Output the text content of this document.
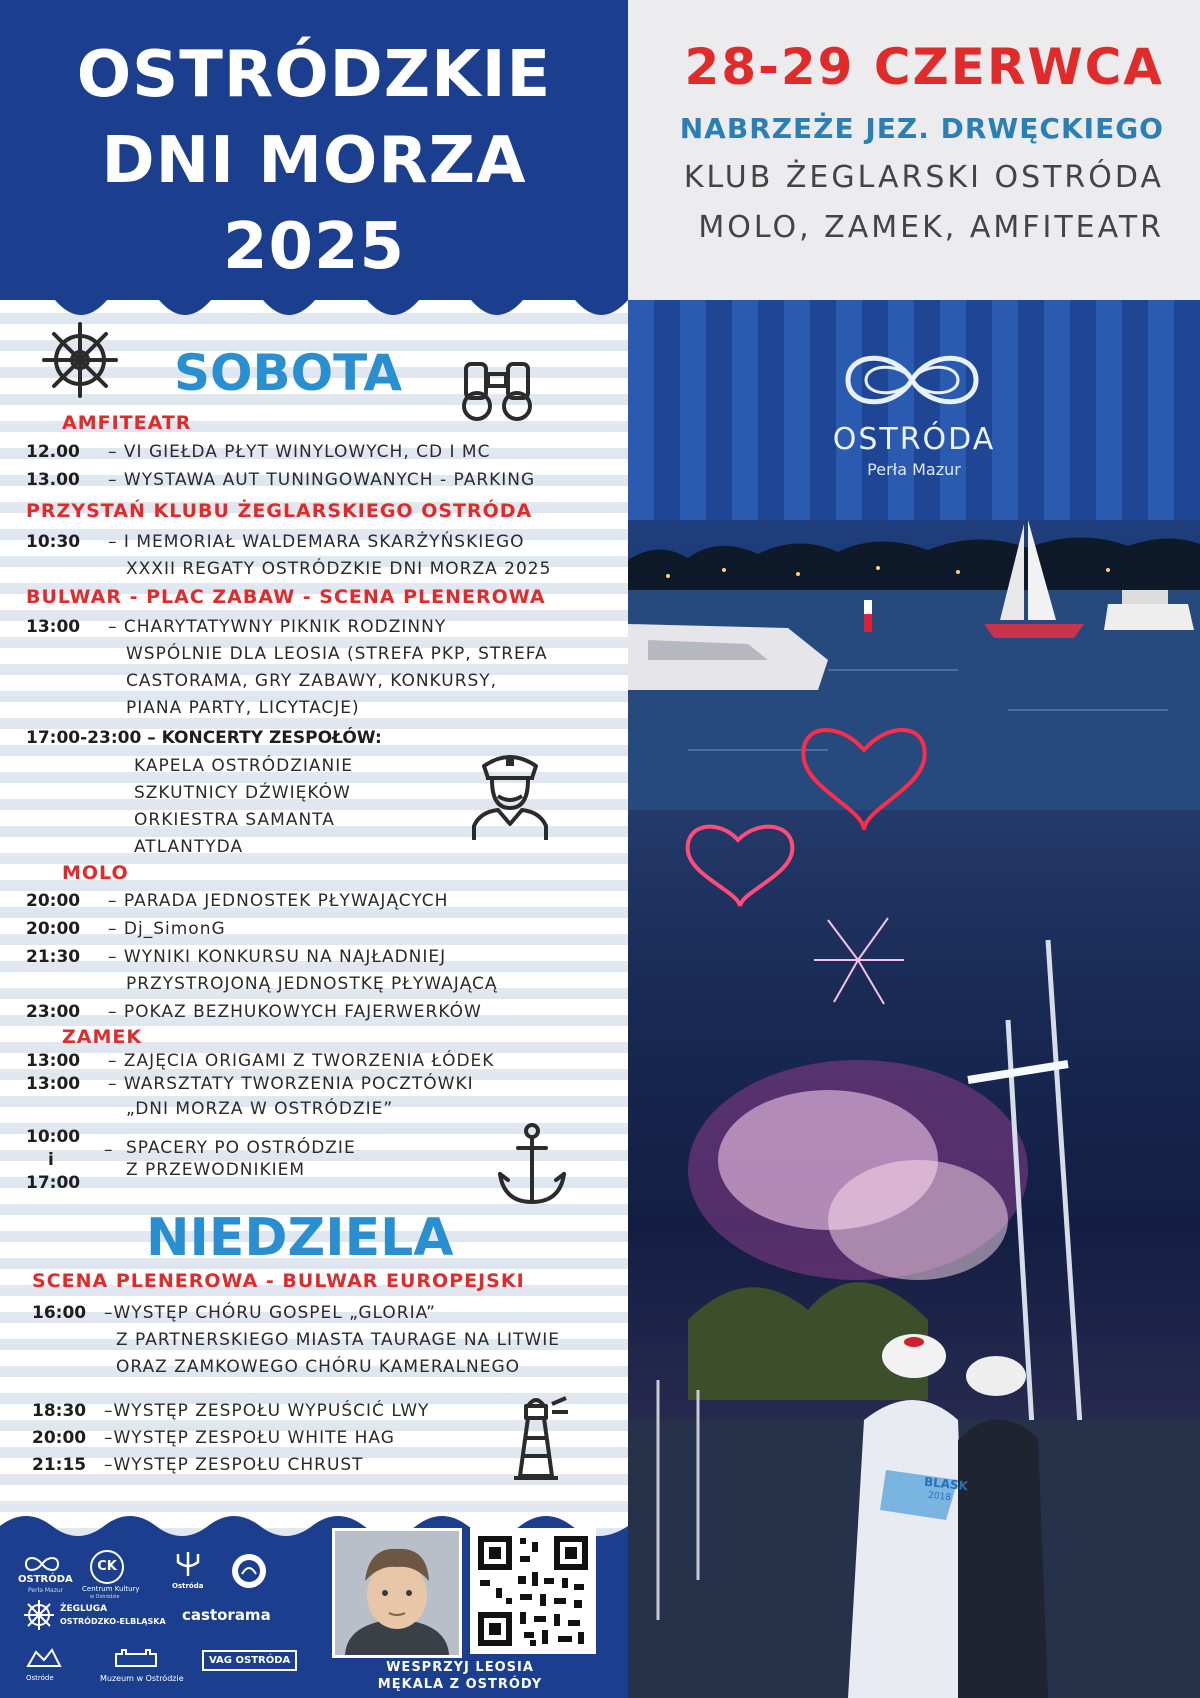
OSTRÓDZKIE
DNI MORZA
2025
SOBOTA
AMFITEATR
12.00 – VI GIEŁDA PŁYT WINYLOWYCH, CD I MC
13.00 – WYSTAWA AUT TUNINGOWANYCH - PARKING
PRZYSTAŃ KLUBU ŻEGLARSKIEGO OSTRÓDA
10:30 – I MEMORIAŁ WALDEMARA SKARŻYŃSKIEGO
XXXII REGATY OSTRÓDZKIE DNI MORZA 2025
BULWAR - PLAC ZABAW - SCENA PLENEROWA
13:00 – CHARYTATYWNY PIKNIK RODZINNY
WSPÓLNIE DLA LEOSIA (STREFA PKP, STREFA
CASTORAMA, GRY ZABAWY, KONKURSY,
PIANA PARTY, LICYTACJE)
17:00-23:00 – KONCERTY ZESPOŁÓW:
KAPELA OSTRÓDZIANIE
SZKUTNICY DŹWIĘKÓW
ORKIESTRA SAMANTA
ATLANTYDA
MOLO
20:00 – PARADA JEDNOSTEK PŁYWAJĄCYCH
20:00 – Dj_SimonG
21:30 – WYNIKI KONKURSU NA NAJŁADNIEJ
PRZYSTROJONĄ JEDNOSTKĘ PŁYWAJĄCĄ
23:00 – POKAZ BEZHUKOWYCH FAJERWERKÓW
ZAMEK
13:00 – ZAJĘCIA ORIGAMI Z TWORZENIA ŁÓDEK
13:00 – WARSZTATY TWORZENIA POCZTÓWKI
„DNI MORZA W OSTRÓDZIE”
10:00
i
17:00
– SPACERY PO OSTRÓDZIE
Z PRZEWODNIKIEM
NIEDZIELA
SCENA PLENEROWA - BULWAR EUROPEJSKI
16:00 –WYSTĘP CHÓRU GOSPEL „GLORIA”
Z PARTNERSKIEGO MIASTA TAURAGE NA LITWIE
ORAZ ZAMKOWEGO CHÓRU KAMERALNEGO
18:30 –WYSTĘP ZESPOŁU WYPUŚCIĆ LWY
20:00 –WYSTĘP ZESPOŁU WHITE HAG
21:15 –WYSTĘP ZESPOŁU CHRUST
OSTRÓDA
Perła Mazur
CK
Centrum Kultury
w Ostródzie
Ostróda
ŻEGLUGA
OSTRÓDZKO-ELBLĄSKA castorama
Ostróde	Muzeum w Ostródzie
VAG OSTRÓDA	WESPRZYJ LEOSIA
MĘKALA Z OSTRÓDY
28-29 CZERWCA
NABRZEŻE JEZ. DRWĘCKIEGO
KLUB ŻEGLARSKI OSTRÓDA
MOLO, ZAMEK, AMFITEATR
OSTRÓDA
Perła Mazur
BLASK
2018
